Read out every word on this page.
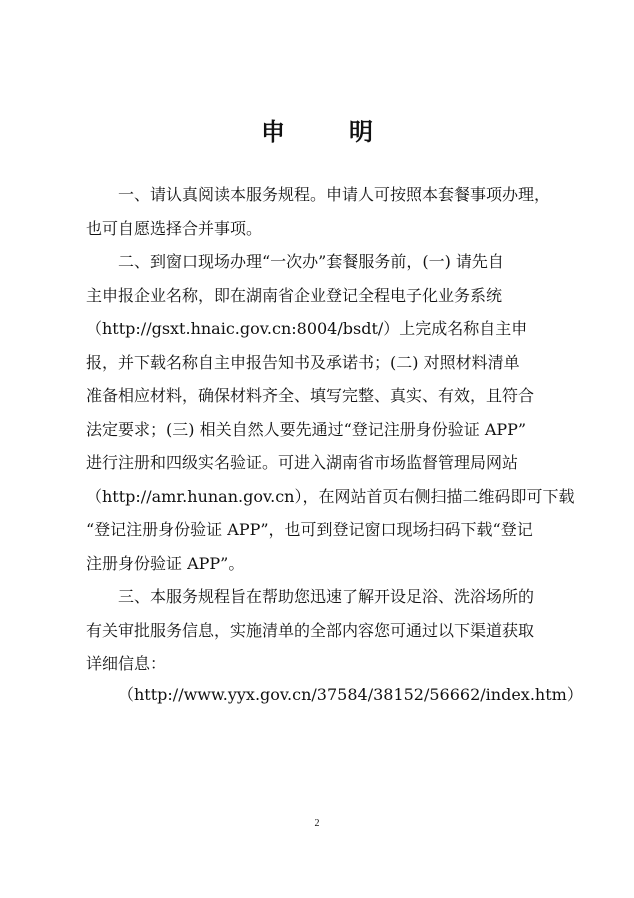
申　明
一、请认真阅读本服务规程。申请人可按照本套餐事项办理，
也可自愿选择合并事项。
二、到窗口现场办理“一次办”套餐服务前，(一) 请先自
主申报企业名称，即在湖南省企业登记全程电子化业务系统
（http://gsxt.hnaic.gov.cn:8004/bsdt/）上完成名称自主申
报，并下载名称自主申报告知书及承诺书；(二) 对照材料清单
准备相应材料，确保材料齐全、填写完整、真实、有效，且符合
法定要求；(三) 相关自然人要先通过“登记注册身份验证 APP”
进行注册和四级实名验证。可进入湖南省市场监督管理局网站
（http://amr.hunan.gov.cn），在网站首页右侧扫描二维码即可下载
“登记注册身份验证 APP”，也可到登记窗口现场扫码下载“登记
注册身份验证 APP”。
三、本服务规程旨在帮助您迅速了解开设足浴、洗浴场所的
有关审批服务信息，实施清单的全部内容您可通过以下渠道获取
详细信息：
（http://www.yyx.gov.cn/37584/38152/56662/index.htm）
2
